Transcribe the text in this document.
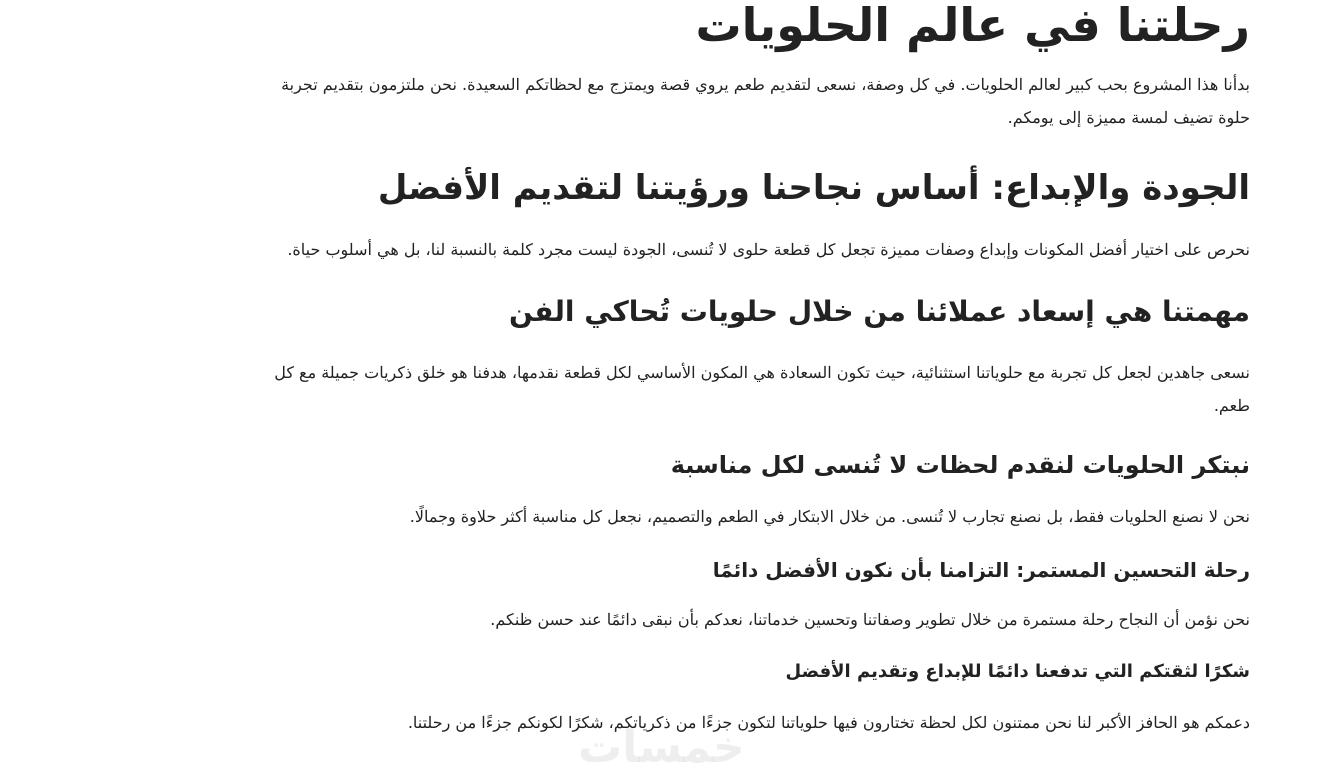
رحلتنا في عالم الحلويات

بدأنا هذا المشروع بحب كبير لعالم الحلويات. في كل وصفة، نسعى لتقديم طعم يروي قصة ويمتزج مع لحظاتكم السعيدة. نحن ملتزمون بتقديم تجربة حلوة تضيف لمسة مميزة إلى يومكم.

الجودة والإبداع: أساس نجاحنا ورؤيتنا لتقديم الأفضل

نحرص على اختيار أفضل المكونات وإبداع وصفات مميزة تجعل كل قطعة حلوى لا تُنسى، الجودة ليست مجرد كلمة بالنسبة لنا، بل هي أسلوب حياة.

مهمتنا هي إسعاد عملائنا من خلال حلويات تُحاكي الفن

نسعى جاهدين لجعل كل تجربة مع حلوياتنا استثنائية، حيث تكون السعادة هي المكون الأساسي لكل قطعة نقدمها، هدفنا هو خلق ذكريات جميلة مع كل طعم.

نبتكر الحلويات لنقدم لحظات لا تُنسى لكل مناسبة

نحن لا نصنع الحلويات فقط، بل نصنع تجارب لا تُنسى. من خلال الابتكار في الطعم والتصميم، نجعل كل مناسبة أكثر حلاوة وجمالًا.

رحلة التحسين المستمر: التزامنا بأن نكون الأفضل دائمًا

نحن نؤمن أن النجاح رحلة مستمرة من خلال تطوير وصفاتنا وتحسين خدماتنا، نعدكم بأن نبقى دائمًا عند حسن ظنكم.

شكرًا لثقتكم التي تدفعنا دائمًا للإبداع وتقديم الأفضل

دعمكم هو الحافز الأكبر لنا نحن ممتنون لكل لحظة تختارون فيها حلوياتنا لتكون جزءًا من ذكرياتكم، شكرًا لكونكم جزءًا من رحلتنا.

خمسات
